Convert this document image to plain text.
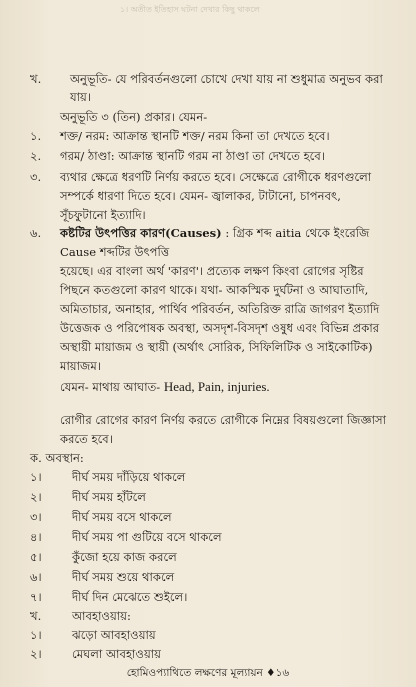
১। অতীত ইতিহাস ঘটনা দেখার কিছু থাকলে
খ. অনুভূতি- যে পরিবর্তনগুলো চোখে দেখা যায় না শুধুমাত্র অনুভব করা
যায়।
অনুভূতি ৩ (তিন) প্রকার। যেমন-
১. শক্ত/ নরম: আক্রান্ত স্থানটি শক্ত/ নরম কিনা তা দেখতে হবে।
২. গরম/ ঠাণ্ডা: আক্রান্ত স্থানটি গরম না ঠাণ্ডা তা দেখতে হবে।
৩. ব্যথার ক্ষেত্রে ধরণটি নির্ণয় করতে হবে। সেক্ষেত্রে রোগীকে ধরণগুলো
সম্পর্কে ধারণা দিতে হবে। যেমন- জ্বালাকর, টাটানো, চাপনবৎ,
সূঁচফুটানো ইত্যাদি।
৬. কষ্টটির উৎপত্তির কারণ(Causes) : গ্রিক শব্দ aitia থেকে ইংরেজি
Cause শব্দটির উৎপত্তি
হয়েছে। এর বাংলা অর্থ 'কারণ'। প্রত্যেক লক্ষণ কিংবা রোগের সৃষ্টির
পিছনে কতগুলো কারণ থাকে। যথা- আকস্মিক দুর্ঘটনা ও আঘাতাদি,
অমিতাচার, অনাহার, পার্থিব পরিবর্তন, অতিরিক্ত রাত্রি জাগরণ ইত্যাদি
উত্তেজক ও পরিপোষক অবস্থা, অসদৃশ-বিসদৃশ ওষুধ এবং বিভিন্ন প্রকার
অস্থায়ী মায়াজম ও স্থায়ী (অর্থাৎ সোরিক, সিফিলিটিক ও সাইকোটিক)
মায়াজম।
যেমন- মাথায় আঘাত- Head, Pain, injuries.
রোগীর রোগের কারণ নির্ণয় করতে রোগীকে নিম্নের বিষয়গুলো জিজ্ঞাসা
করতে হবে।
ক. অবস্থান:
১।	দীর্ঘ সময় দাঁড়িয়ে থাকলে
২।	দীর্ঘ সময় হাঁটলে
৩।	দীর্ঘ সময় বসে থাকলে
৪।	দীর্ঘ সময় পা গুটিয়ে বসে থাকলে
৫।	কুঁজো হয়ে কাজ করলে
৬।	দীর্ঘ সময় শুয়ে থাকলে
৭।	দীর্ঘ দিন মেঝেতে শুইলে।
খ.	আবহাওয়ায়:
১।	ঝড়ো আবহাওয়ায়
২।	মেঘলা আবহাওয়ায়
হোমিওপ্যাথিতে লক্ষণের মূল্যায়ন ♦১৬
